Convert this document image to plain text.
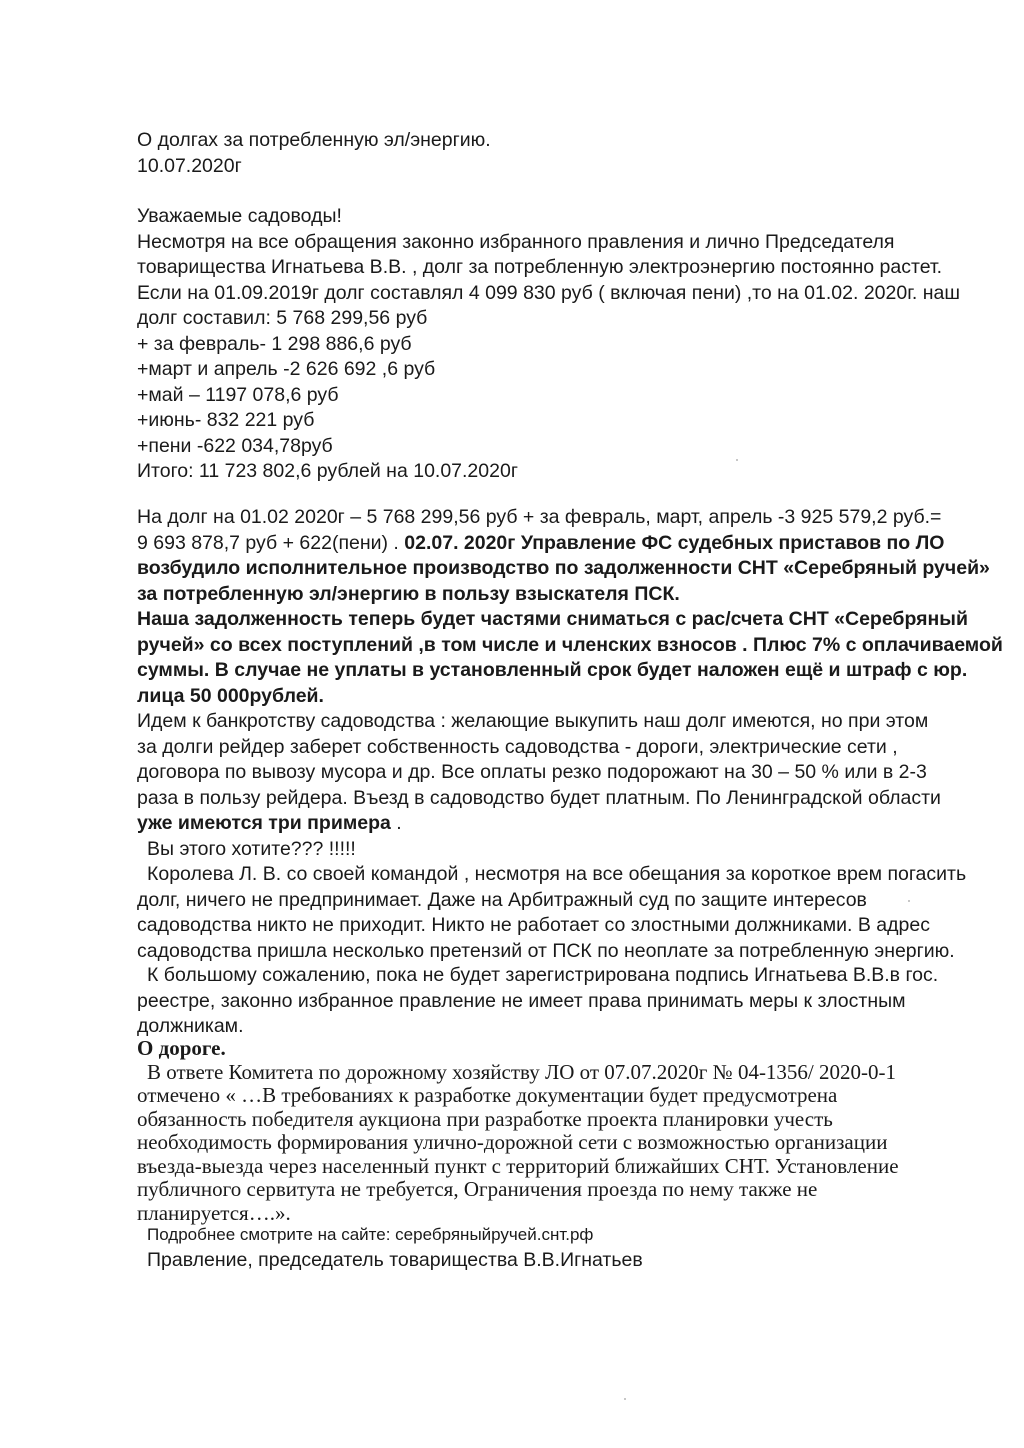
О долгах за потребленную эл/энергию.

10.07.2020г

Уважаемые садоводы!

Несмотря на все обращения законно избранного правления и лично Председателя

товарищества Игнатьева В.В. , долг за потребленную электроэнергию постоянно растет.

Если на 01.09.2019г долг составлял 4 099 830 руб ( включая пени) ,то на 01.02. 2020г. наш

долг составил: 5 768 299,56 руб

+ за февраль- 1 298 886,6 руб

+март и апрель -2 626 692 ,6 руб

+май – 1197 078,6 руб

+июнь- 832 221 руб

+пени -622 034,78руб

Итого: 11 723 802,6 рублей на 10.07.2020г

На долг на 01.02 2020г – 5 768 299,56 руб + за февраль, март, апрель -3 925 579,2 руб.=

9 693 878,7 руб + 622(пени) . 02.07. 2020г Управление ФС судебных приставов по ЛО

возбудило исполнительное производство по задолженности СНТ «Серебряный ручей»

за потребленную эл/энергию в пользу взыскателя ПСК.

Наша задолженность теперь будет частями сниматься с рас/счета СНТ «Серебряный

ручей» со всех поступлений ,в том числе и членских взносов . Плюс 7% с оплачиваемой

суммы. В случае не уплаты в установленный срок будет наложен ещё и штраф с юр.

лица 50 000рублей.

Идем к банкротству садоводства : желающие выкупить наш долг имеются, но при этом

за долги рейдер заберет собственность садоводства - дороги, электрические сети ,

договора по вывозу мусора и др. Все оплаты резко подорожают на 30 – 50 % или в 2-3

раза в пользу рейдера. Въезд в садоводство будет платным. По Ленинградской области

уже имеются три примера .

Вы этого хотите??? !!!!!

Королева Л. В. со своей командой , несмотря на все обещания за короткое врем погасить

долг, ничего не предпринимает. Даже на Арбитражный суд по защите интересов

садоводства никто не приходит. Никто не работает со злостными должниками. В адрес

садоводства пришла несколько претензий от ПСК по неоплате за потребленную энергию.

К большому сожалению, пока не будет зарегистрирована подпись Игнатьева В.В.в гос.

реестре, законно избранное правление не имеет права принимать меры к злостным

должникам.

О дороге.

В ответе Комитета по дорожному хозяйству ЛО от 07.07.2020г № 04-1356/ 2020-0-1

отмечено « …В требованиях к разработке документации будет предусмотрена

обязанность победителя аукциона при разработке проекта планировки учесть

необходимость формирования улично-дорожной сети с возможностью организации

въезда-выезда через населенный пункт с территорий ближайших СНТ. Установление

публичного сервитута не требуется, Ограничения проезда по нему также не

планируется….».

Подробнее смотрите на сайте: серебряныйручей.снт.рф

Правление, председатель товарищества В.В.Игнатьев
